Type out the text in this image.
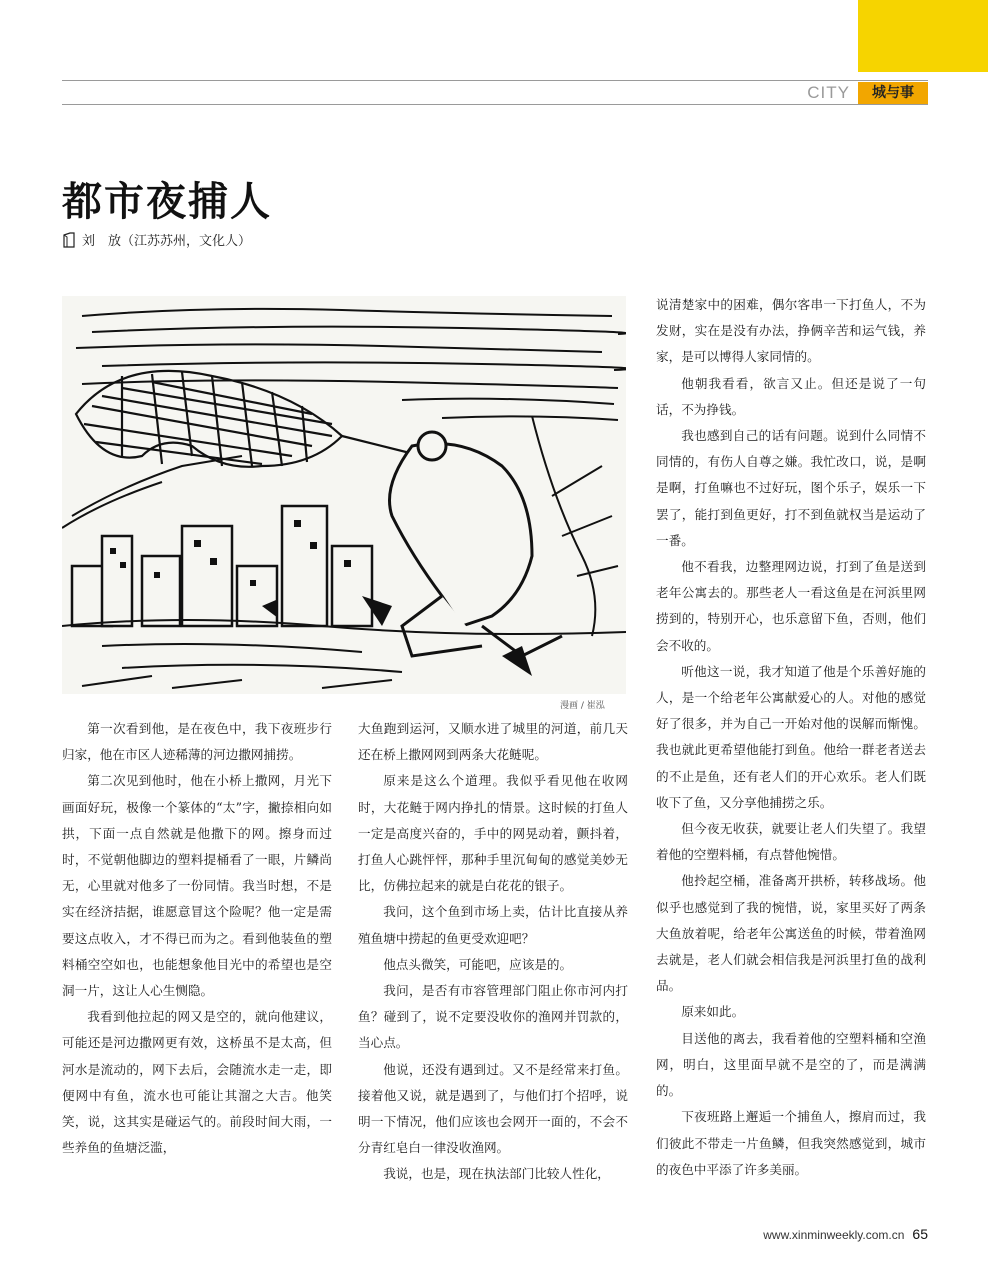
CITY	城与事
都市夜捕人
刘　放（江苏苏州，文化人）
漫画 / 崔泓

第一次看到他，是在夜色中，我下夜班步行归家，他在市区人迹稀薄的河边撒网捕捞。

第二次见到他时，他在小桥上撒网，月光下画面好玩，极像一个篆体的“太”字，撇捺相向如拱，下面一点自然就是他撒下的网。擦身而过时，不觉朝他脚边的塑料提桶看了一眼，片鳞尚无，心里就对他多了一份同情。我当时想，不是实在经济拮据，谁愿意冒这个险呢？他一定是需要这点收入，才不得已而为之。看到他装鱼的塑料桶空空如也，也能想象他目光中的希望也是空洞一片，这让人心生恻隐。

我看到他拉起的网又是空的，就向他建议，可能还是河边撒网更有效，这桥虽不是太高，但河水是流动的，网下去后，会随流水走一走，即便网中有鱼，流水也可能让其溜之大吉。他笑笑，说，这其实是碰运气的。前段时间大雨，一些养鱼的鱼塘泛滥，

大鱼跑到运河，又顺水进了城里的河道，前几天还在桥上撒网网到两条大花鲢呢。

原来是这么个道理。我似乎看见他在收网时，大花鲢于网内挣扎的情景。这时候的打鱼人一定是高度兴奋的，手中的网晃动着，颤抖着，打鱼人心跳怦怦，那种手里沉甸甸的感觉美妙无比，仿佛拉起来的就是白花花的银子。

我问，这个鱼到市场上卖，估计比直接从养殖鱼塘中捞起的鱼更受欢迎吧？

他点头微笑，可能吧，应该是的。

我问，是否有市容管理部门阻止你市河内打鱼？碰到了，说不定要没收你的渔网并罚款的，当心点。

他说，还没有遇到过。又不是经常来打鱼。接着他又说，就是遇到了，与他们打个招呼，说明一下情况，他们应该也会网开一面的，不会不分青红皂白一律没收渔网。

我说，也是，现在执法部门比较人性化，

说清楚家中的困难，偶尔客串一下打鱼人，不为发财，实在是没有办法，挣俩辛苦和运气钱，养家，是可以博得人家同情的。

他朝我看看，欲言又止。但还是说了一句话，不为挣钱。

我也感到自己的话有问题。说到什么同情不同情的，有伤人自尊之嫌。我忙改口，说，是啊是啊，打鱼嘛也不过好玩，图个乐子，娱乐一下罢了，能打到鱼更好，打不到鱼就权当是运动了一番。

他不看我，边整理网边说，打到了鱼是送到老年公寓去的。那些老人一看这鱼是在河浜里网捞到的，特别开心，也乐意留下鱼，否则，他们会不收的。

听他这一说，我才知道了他是个乐善好施的人，是一个给老年公寓献爱心的人。对他的感觉好了很多，并为自己一开始对他的误解而惭愧。我也就此更希望他能打到鱼。他给一群老者送去的不止是鱼，还有老人们的开心欢乐。老人们既收下了鱼，又分享他捕捞之乐。

但今夜无收获，就要让老人们失望了。我望着他的空塑料桶，有点替他惋惜。

他拎起空桶，准备离开拱桥，转移战场。他似乎也感觉到了我的惋惜，说，家里买好了两条大鱼放着呢，给老年公寓送鱼的时候，带着渔网去就是，老人们就会相信我是河浜里打鱼的战利品。

原来如此。

目送他的离去，我看着他的空塑料桶和空渔网，明白，这里面早就不是空的了，而是满满的。

下夜班路上邂逅一个捕鱼人，擦肩而过，我们彼此不带走一片鱼鳞，但我突然感觉到，城市的夜色中平添了许多美丽。

www.xinminweekly.com.cn 65
